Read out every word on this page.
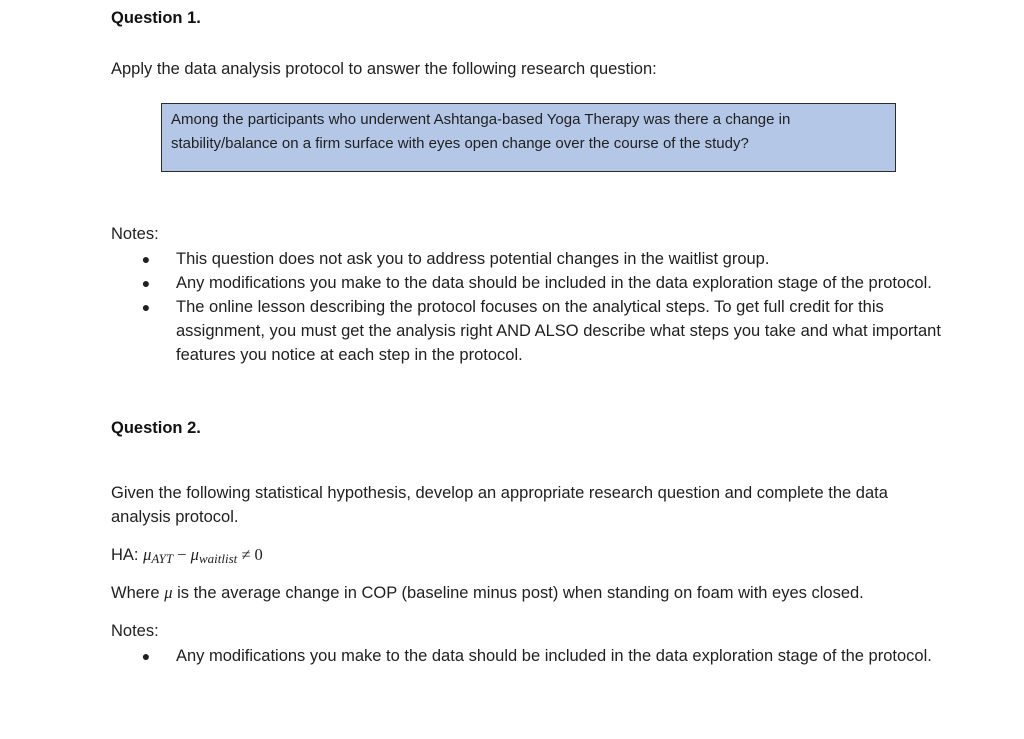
Question 1.
Apply the data analysis protocol to answer the following research question:
Among the participants who underwent Ashtanga-based Yoga Therapy was there a change in stability/balance on a firm surface with eyes open change over the course of the study?
Notes:
● This question does not ask you to address potential changes in the waitlist group.
● Any modifications you make to the data should be included in the data exploration stage of the protocol.
● The online lesson describing the protocol focuses on the analytical steps. To get full credit for this assignment, you must get the analysis right AND ALSO describe what steps you take and what important features you notice at each step in the protocol.
Question 2.
Given the following statistical hypothesis, develop an appropriate research question and complete the data analysis protocol.
HA: $\mu_{AYT} - \mu_{waitlist} \ne 0$
Where μ is the average change in COP (baseline minus post) when standing on foam with eyes closed.
Notes:
● Any modifications you make to the data should be included in the data exploration stage of the protocol.
